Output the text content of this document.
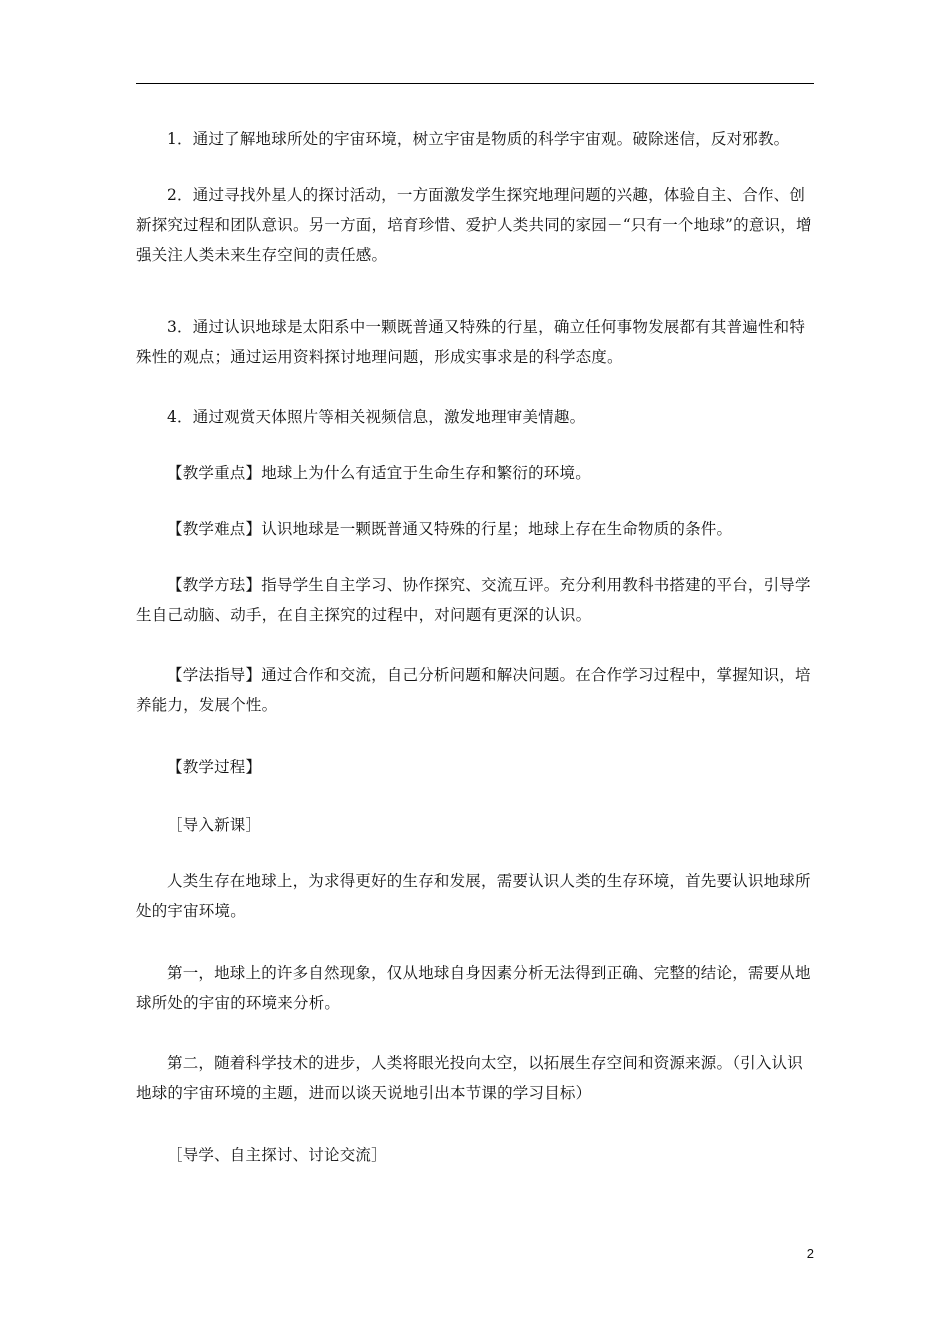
1．通过了解地球所处的宇宙环境，树立宇宙是物质的科学宇宙观。破除迷信，反对邪教。

2．通过寻找外星人的探讨活动，一方面激发学生探究地理问题的兴趣，体验自主、合作、创新探究过程和团队意识。另一方面，培育珍惜、爱护人类共同的家园－“只有一个地球”的意识，增强关注人类未来生存空间的责任感。

3．通过认识地球是太阳系中一颗既普通又特殊的行星，确立任何事物发展都有其普遍性和特殊性的观点；通过运用资料探讨地理问题，形成实事求是的科学态度。

4．通过观赏天体照片等相关视频信息，激发地理审美情趣。

【教学重点】地球上为什么有适宜于生命生存和繁衍的环境。

【教学难点】认识地球是一颗既普通又特殊的行星；地球上存在生命物质的条件。

【教学方珐】指导学生自主学习、协作探究、交流互评。充分利用教科书搭建的平台，引导学生自己动脑、动手，在自主探究的过程中，对问题有更深的认识。

【学法指导】通过合作和交流，自己分析问题和解决问题。在合作学习过程中，掌握知识，培养能力，发展个性。

【教学过程】

［导入新课］

人类生存在地球上，为求得更好的生存和发展，需要认识人类的生存环境，首先要认识地球所处的宇宙环境。

第一，地球上的许多自然现象，仅从地球自身因素分析无法得到正确、完整的结论，需要从地球所处的宇宙的环境来分析。

第二，随着科学技术的进步，人类将眼光投向太空，以拓展生存空间和资源来源。（引入认识地球的宇宙环境的主题，进而以谈天说地引出本节课的学习目标）

［导学、自主探讨、讨论交流］

2
